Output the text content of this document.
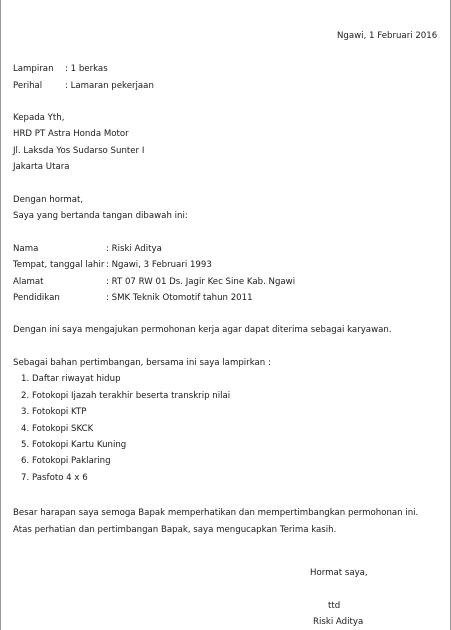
Ngawi, 1 Februari 2016
Lampiran : 1 berkas
Perihal	: Lamaran pekerjaan
Kepada Yth,
HRD PT Astra Honda Motor
Jl. Laksda Yos Sudarso Sunter I
Jakarta Utara
Dengan hormat,
Saya yang bertanda tangan dibawah ini:
Nama	: Riski Aditya
Tempat, tanggal lahir : Ngawi, 3 Februari 1993
Alamat	: RT 07 RW 01 Ds. Jagir Kec Sine Kab. Ngawi
Pendidikan	: SMK Teknik Otomotif tahun 2011
Dengan ini saya mengajukan permohonan kerja agar dapat diterima sebagai karyawan.
Sebagai bahan pertimbangan, bersama ini saya lampirkan :
1. Daftar riwayat hidup
2. Fotokopi Ijazah terakhir beserta transkrip nilai
3. Fotokopi KTP
4. Fotokopi SKCK
5. Fotokopi Kartu Kuning
6. Fotokopi Paklaring
7. Pasfoto 4 x 6
Besar harapan saya semoga Bapak memperhatikan dan mempertimbangkan permohonan ini. Atas perhatian dan pertimbangan Bapak, saya mengucapkan Terima kasih.
Hormat saya,
ttd
Riski Aditya
